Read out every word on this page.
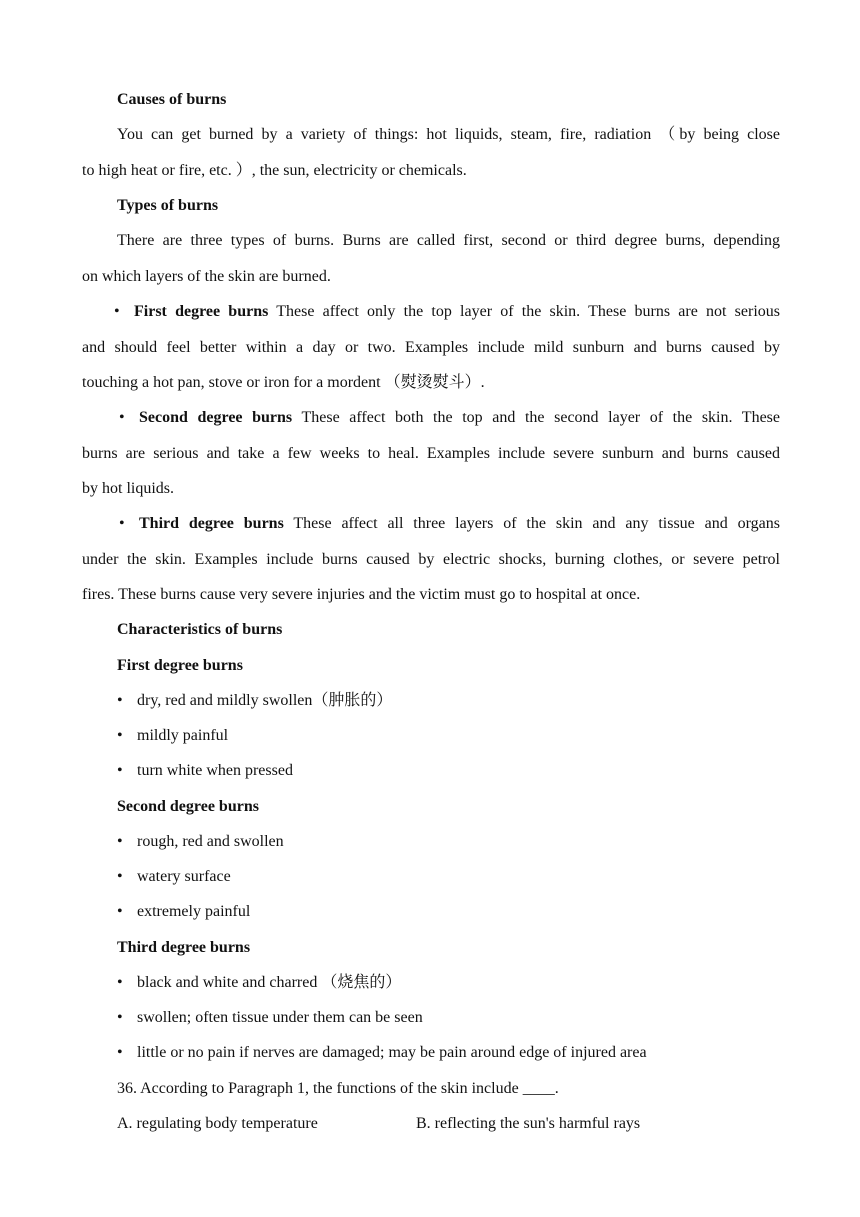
Causes of burns
You can get burned by a variety of things: hot liquids, steam, fire, radiation （by being close
to high heat or fire, etc. ）, the sun, electricity or chemicals.
Types of burns
There are three types of burns. Burns are called first, second or third degree burns, depending
on which layers of the skin are burned.
• First degree burns These affect only the top layer of the skin. These burns are not serious
and should feel better within a day or two. Examples include mild sunburn and burns caused by
touching a hot pan, stove or iron for a mordent （熨烫熨斗）.
• Second degree burns These affect both the top and the second layer of the skin. These
burns are serious and take a few weeks to heal. Examples include severe sunburn and burns caused
by hot liquids.
• Third degree burns These affect all three layers of the skin and any tissue and organs
under the skin. Examples include burns caused by electric shocks, burning clothes, or severe petrol
fires. These burns cause very severe injuries and the victim must go to hospital at once.
Characteristics of burns
First degree burns
• dry, red and mildly swollen（肿胀的）
• mildly painful
• turn white when pressed
Second degree burns
• rough, red and swollen
• watery surface
• extremely painful
Third degree burns
• black and white and charred （烧焦的）
• swollen; often tissue under them can be seen
• little or no pain if nerves are damaged; may be pain around edge of injured area
36. According to Paragraph 1, the functions of the skin include ____.
A. regulating body temperature	B. reflecting the sun's harmful rays
